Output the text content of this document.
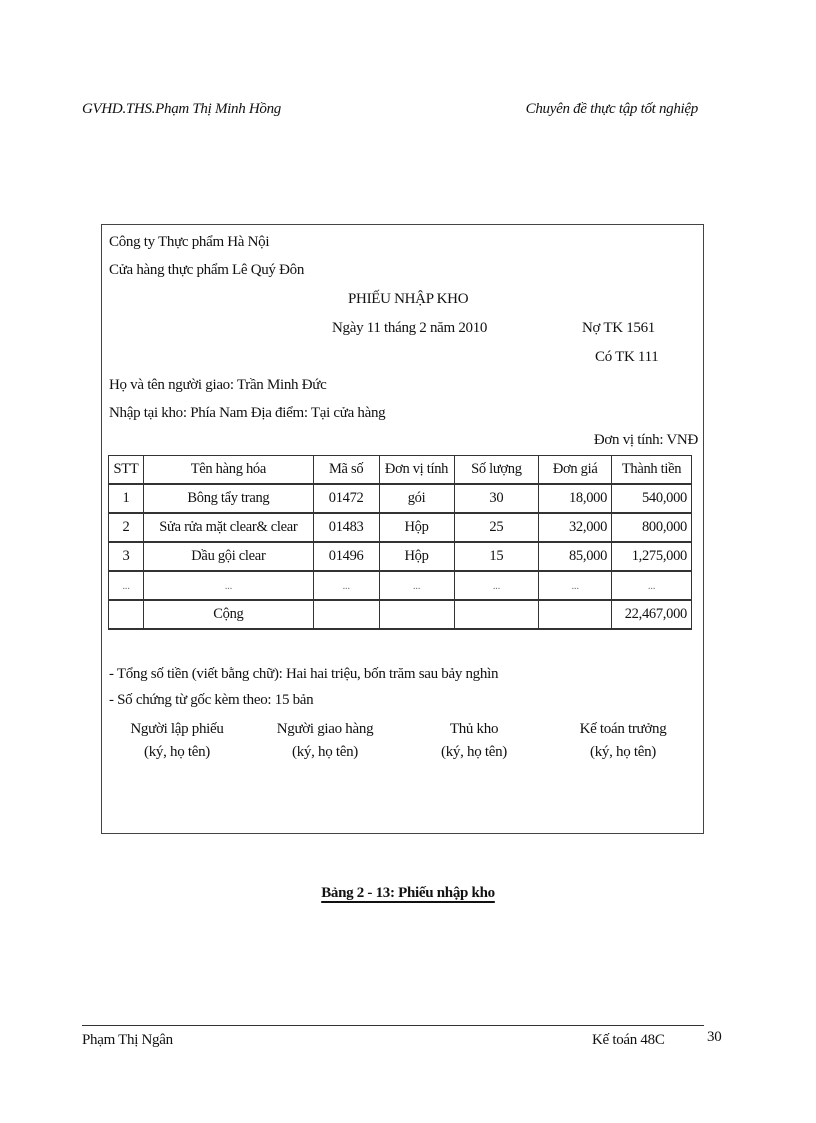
GVHD.THS.Phạm Thị Minh Hồng	Chuyên đề thực tập tốt nghiệp
Công ty Thực phẩm Hà Nội
Cửa hàng thực phẩm Lê Quý Đôn
PHIẾU NHẬP KHO
Ngày 11 tháng 2 năm 2010	Nợ TK 1561
Có TK 111
Họ và tên người giao: Trần Minh Đức
Nhập tại kho: Phía Nam Địa điểm: Tại cửa hàng
Đơn vị tính: VNĐ
STT	Tên hàng hóa	Mã số	Đơn vị tính	Số lượng	Đơn giá	Thành tiền
1	Bông tẩy trang	01472	gói	30	18,000	540,000
2	Sửa rửa mặt clear& clear	01483	Hộp	25	32,000	800,000
3	Dầu gội clear	01496	Hộp	15	85,000	1,275,000
...	...	...	...	...	...	...
	Cộng					22,467,000
- Tổng số tiền (viết bằng chữ): Hai hai triệu, bốn trăm sau bảy nghìn
- Số chứng từ gốc kèm theo: 15 bản
Người lập phiếu
(ký, họ tên)
Người giao hàng
(ký, họ tên)
Thủ kho
(ký, họ tên)
Kế toán trưởng
(ký, họ tên)
Bảng 2 - 13: Phiếu nhập kho
Phạm Thị Ngân	Kế toán 48C	30
